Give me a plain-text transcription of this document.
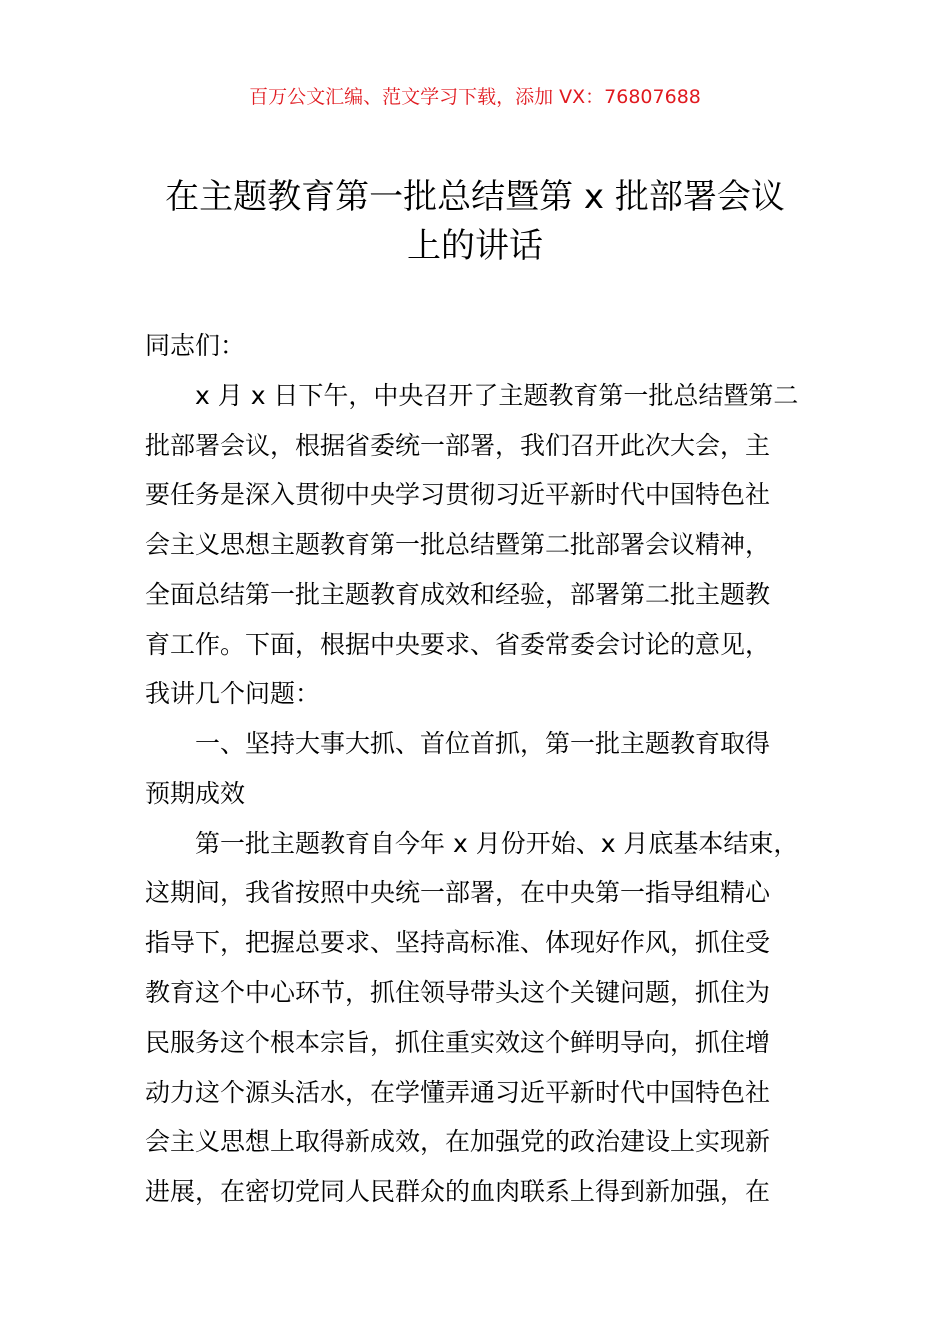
百万公文汇编、范文学习下载，添加 VX：76807688
在主题教育第一批总结暨第 x 批部署会议
上的讲话
同志们：
x 月 x 日下午，中央召开了主题教育第一批总结暨第二
批部署会议，根据省委统一部署，我们召开此次大会，主
要任务是深入贯彻中央学习贯彻习近平新时代中国特色社
会主义思想主题教育第一批总结暨第二批部署会议精神，
全面总结第一批主题教育成效和经验，部署第二批主题教
育工作。下面，根据中央要求、省委常委会讨论的意见，
我讲几个问题：
一、坚持大事大抓、首位首抓，第一批主题教育取得
预期成效
第一批主题教育自今年 x 月份开始、x 月底基本结束，
这期间，我省按照中央统一部署，在中央第一指导组精心
指导下，把握总要求、坚持高标准、体现好作风，抓住受
教育这个中心环节，抓住领导带头这个关键问题，抓住为
民服务这个根本宗旨，抓住重实效这个鲜明导向，抓住增
动力这个源头活水，在学懂弄通习近平新时代中国特色社
会主义思想上取得新成效，在加强党的政治建设上实现新
进展，在密切党同人民群众的血肉联系上得到新加强，在
